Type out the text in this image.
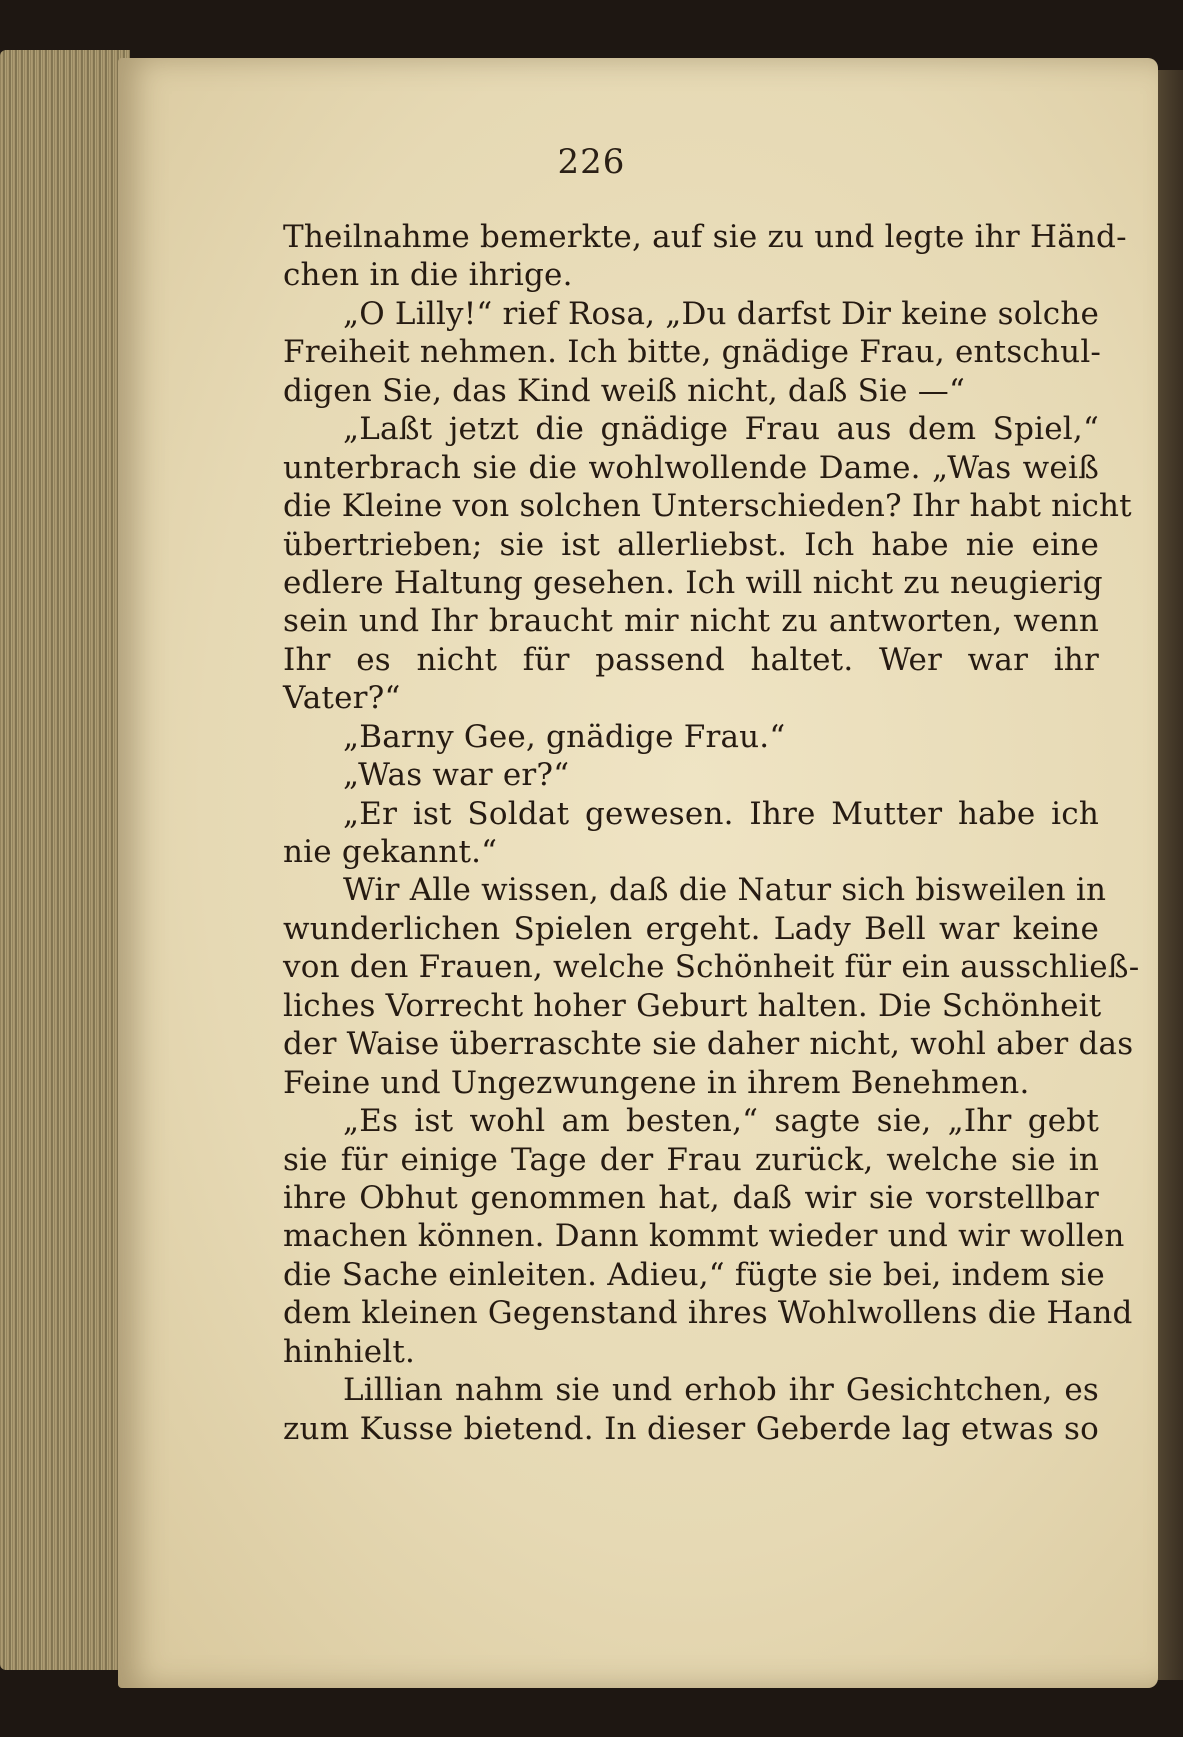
226
Theilnahme bemerkte, auf sie zu und legte ihr Händ-
chen in die ihrige.
„O Lilly!“ rief Rosa, „Du darfst Dir keine solche
Freiheit nehmen. Ich bitte, gnädige Frau, entschul-
digen Sie, das Kind weiß nicht, daß Sie —“
„Laßt jetzt die gnädige Frau aus dem Spiel,“
unterbrach sie die wohlwollende Dame. „Was weiß
die Kleine von solchen Unterschieden? Ihr habt nicht
übertrieben; sie ist allerliebst. Ich habe nie eine
edlere Haltung gesehen. Ich will nicht zu neugierig
sein und Ihr braucht mir nicht zu antworten, wenn
Ihr es nicht für passend haltet. Wer war ihr
Vater?“
„Barny Gee, gnädige Frau.“
„Was war er?“
„Er ist Soldat gewesen. Ihre Mutter habe ich
nie gekannt.“
Wir Alle wissen, daß die Natur sich bisweilen in
wunderlichen Spielen ergeht. Lady Bell war keine
von den Frauen, welche Schönheit für ein ausschließ-
liches Vorrecht hoher Geburt halten. Die Schönheit
der Waise überraschte sie daher nicht, wohl aber das
Feine und Ungezwungene in ihrem Benehmen.
„Es ist wohl am besten,“ sagte sie, „Ihr gebt
sie für einige Tage der Frau zurück, welche sie in
ihre Obhut genommen hat, daß wir sie vorstellbar
machen können. Dann kommt wieder und wir wollen
die Sache einleiten. Adieu,“ fügte sie bei, indem sie
dem kleinen Gegenstand ihres Wohlwollens die Hand
hinhielt.
Lillian nahm sie und erhob ihr Gesichtchen, es
zum Kusse bietend. In dieser Geberde lag etwas so
